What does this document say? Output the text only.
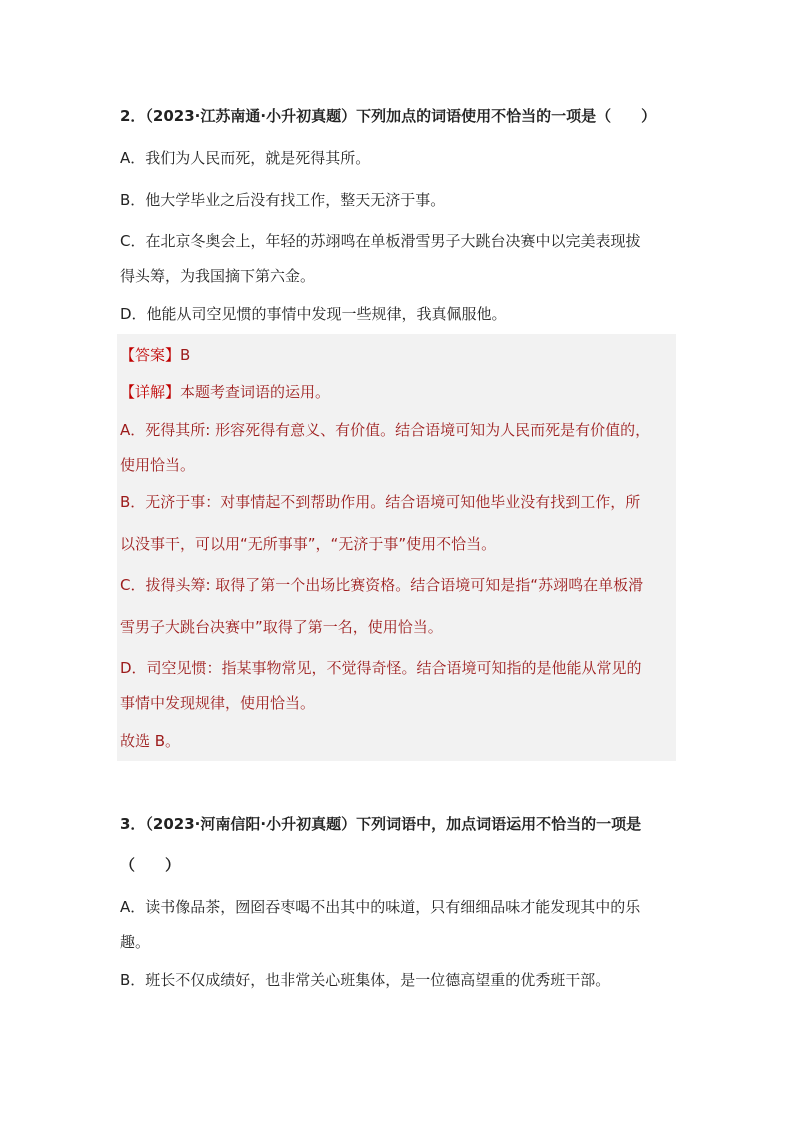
2．（2023·江苏南通·小升初真题）下列加点的词语使用不恰当的一项是（　　）
A．我们为人民而死，就是死得其所。
B．他大学毕业之后没有找工作，整天无济于事。
C．在北京冬奥会上，年轻的苏翊鸣在单板滑雪男子大跳台决赛中以完美表现拔
得头筹，为我国摘下第六金。
D．他能从司空见惯的事情中发现一些规律，我真佩服他。
【答案】B
【详解】本题考查词语的运用。
A．死得其所: 形容死得有意义、有价值。结合语境可知为人民而死是有价值的，
使用恰当。
B．无济于事：对事情起不到帮助作用。结合语境可知他毕业没有找到工作，所
以没事干，可以用“无所事事”，“无济于事”使用不恰当。
C．拔得头筹: 取得了第一个出场比赛资格。结合语境可知是指“苏翊鸣在单板滑
雪男子大跳台决赛中”取得了第一名，使用恰当。
D．司空见惯：指某事物常见，不觉得奇怪。结合语境可知指的是他能从常见的
事情中发现规律，使用恰当。
故选 B。
3．（2023·河南信阳·小升初真题）下列词语中，加点词语运用不恰当的一项是
（　　）
A．读书像品茶，囫囵吞枣喝不出其中的味道，只有细细品味才能发现其中的乐
趣。
B．班长不仅成绩好，也非常关心班集体，是一位德高望重的优秀班干部。
